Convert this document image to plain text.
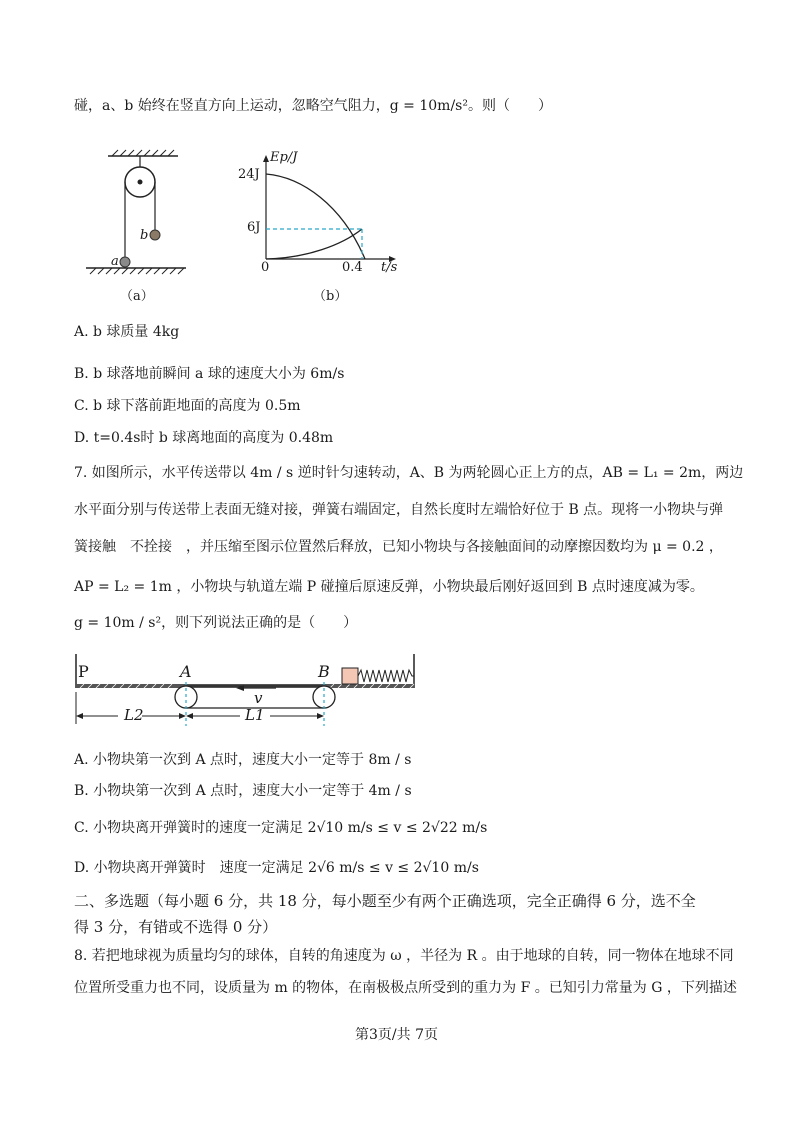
碰，a、b 始终在竖直方向上运动，忽略空气阻力，g = 10m/s²。则（　　）
b
a
（a）
Ep/J
24J
6J
0	0.4 t/s
（b）
A. b 球质量 4kg
B. b 球落地前瞬间 a 球的速度大小为 6m/s
C. b 球下落前距地面的高度为 0.5m
D. t=0.4s时 b 球离地面的高度为 0.48m
7. 如图所示，水平传送带以 4m / s 逆时针匀速转动，A、B 为两轮圆心正上方的点，AB = L₁ = 2m，两边
水平面分别与传送带上表面无缝对接，弹簧右端固定，自然长度时左端恰好位于 B 点。现将一小物块与弹
簧接触　不拴接　，并压缩至图示位置然后释放，已知小物块与各接触面间的动摩擦因数均为 μ = 0.2 ，
AP = L₂ = 1m ，小物块与轨道左端 P 碰撞后原速反弹，小物块最后刚好返回到 B 点时速度减为零。
g = 10m / s²，则下列说法正确的是（　　）
P	A	B
v
L2	L1
A. 小物块第一次到 A 点时，速度大小一定等于 8m / s
B. 小物块第一次到 A 点时，速度大小一定等于 4m / s
C. 小物块离开弹簧时的速度一定满足 2√10 m/s ≤ v ≤ 2√22 m/s
D. 小物块离开弹簧时　速度一定满足 2√6 m/s ≤ v ≤ 2√10 m/s
二、多选题（每小题 6 分，共 18 分，每小题至少有两个正确选项，完全正确得 6 分，选不全
得 3 分，有错或不选得 0 分）
8. 若把地球视为质量均匀的球体，自转的角速度为 ω ，半径为 R 。由于地球的自转，同一物体在地球不同
位置所受重力也不同，设质量为 m 的物体，在南极极点所受到的重力为 F 。已知引力常量为 G ，下列描述
第3页/共 7页
